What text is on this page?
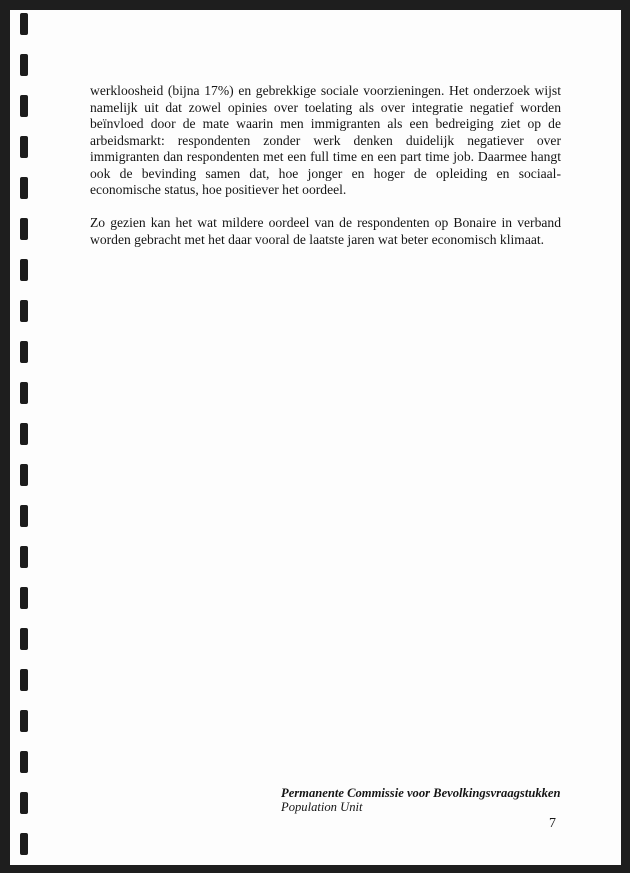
werkloosheid (bijna 17%) en gebrekkige sociale voorzieningen. Het onderzoek wijst namelijk uit dat zowel opinies over toelating als over integratie negatief worden beïnvloed door de mate waarin men immigranten als een bedreiging ziet op de arbeidsmarkt: respondenten zonder werk denken duidelijk negatiever over immigranten dan respondenten met een full time en een part time job. Daarmee hangt ook de bevinding samen dat, hoe jonger en hoger de opleiding en sociaal-economische status, hoe positiever het oordeel.

Zo gezien kan het wat mildere oordeel van de respondenten op Bonaire in verband worden gebracht met het daar vooral de laatste jaren wat beter economisch klimaat.

Permanente Commissie voor Bevolkingsvraagstukken
Population Unit
7
